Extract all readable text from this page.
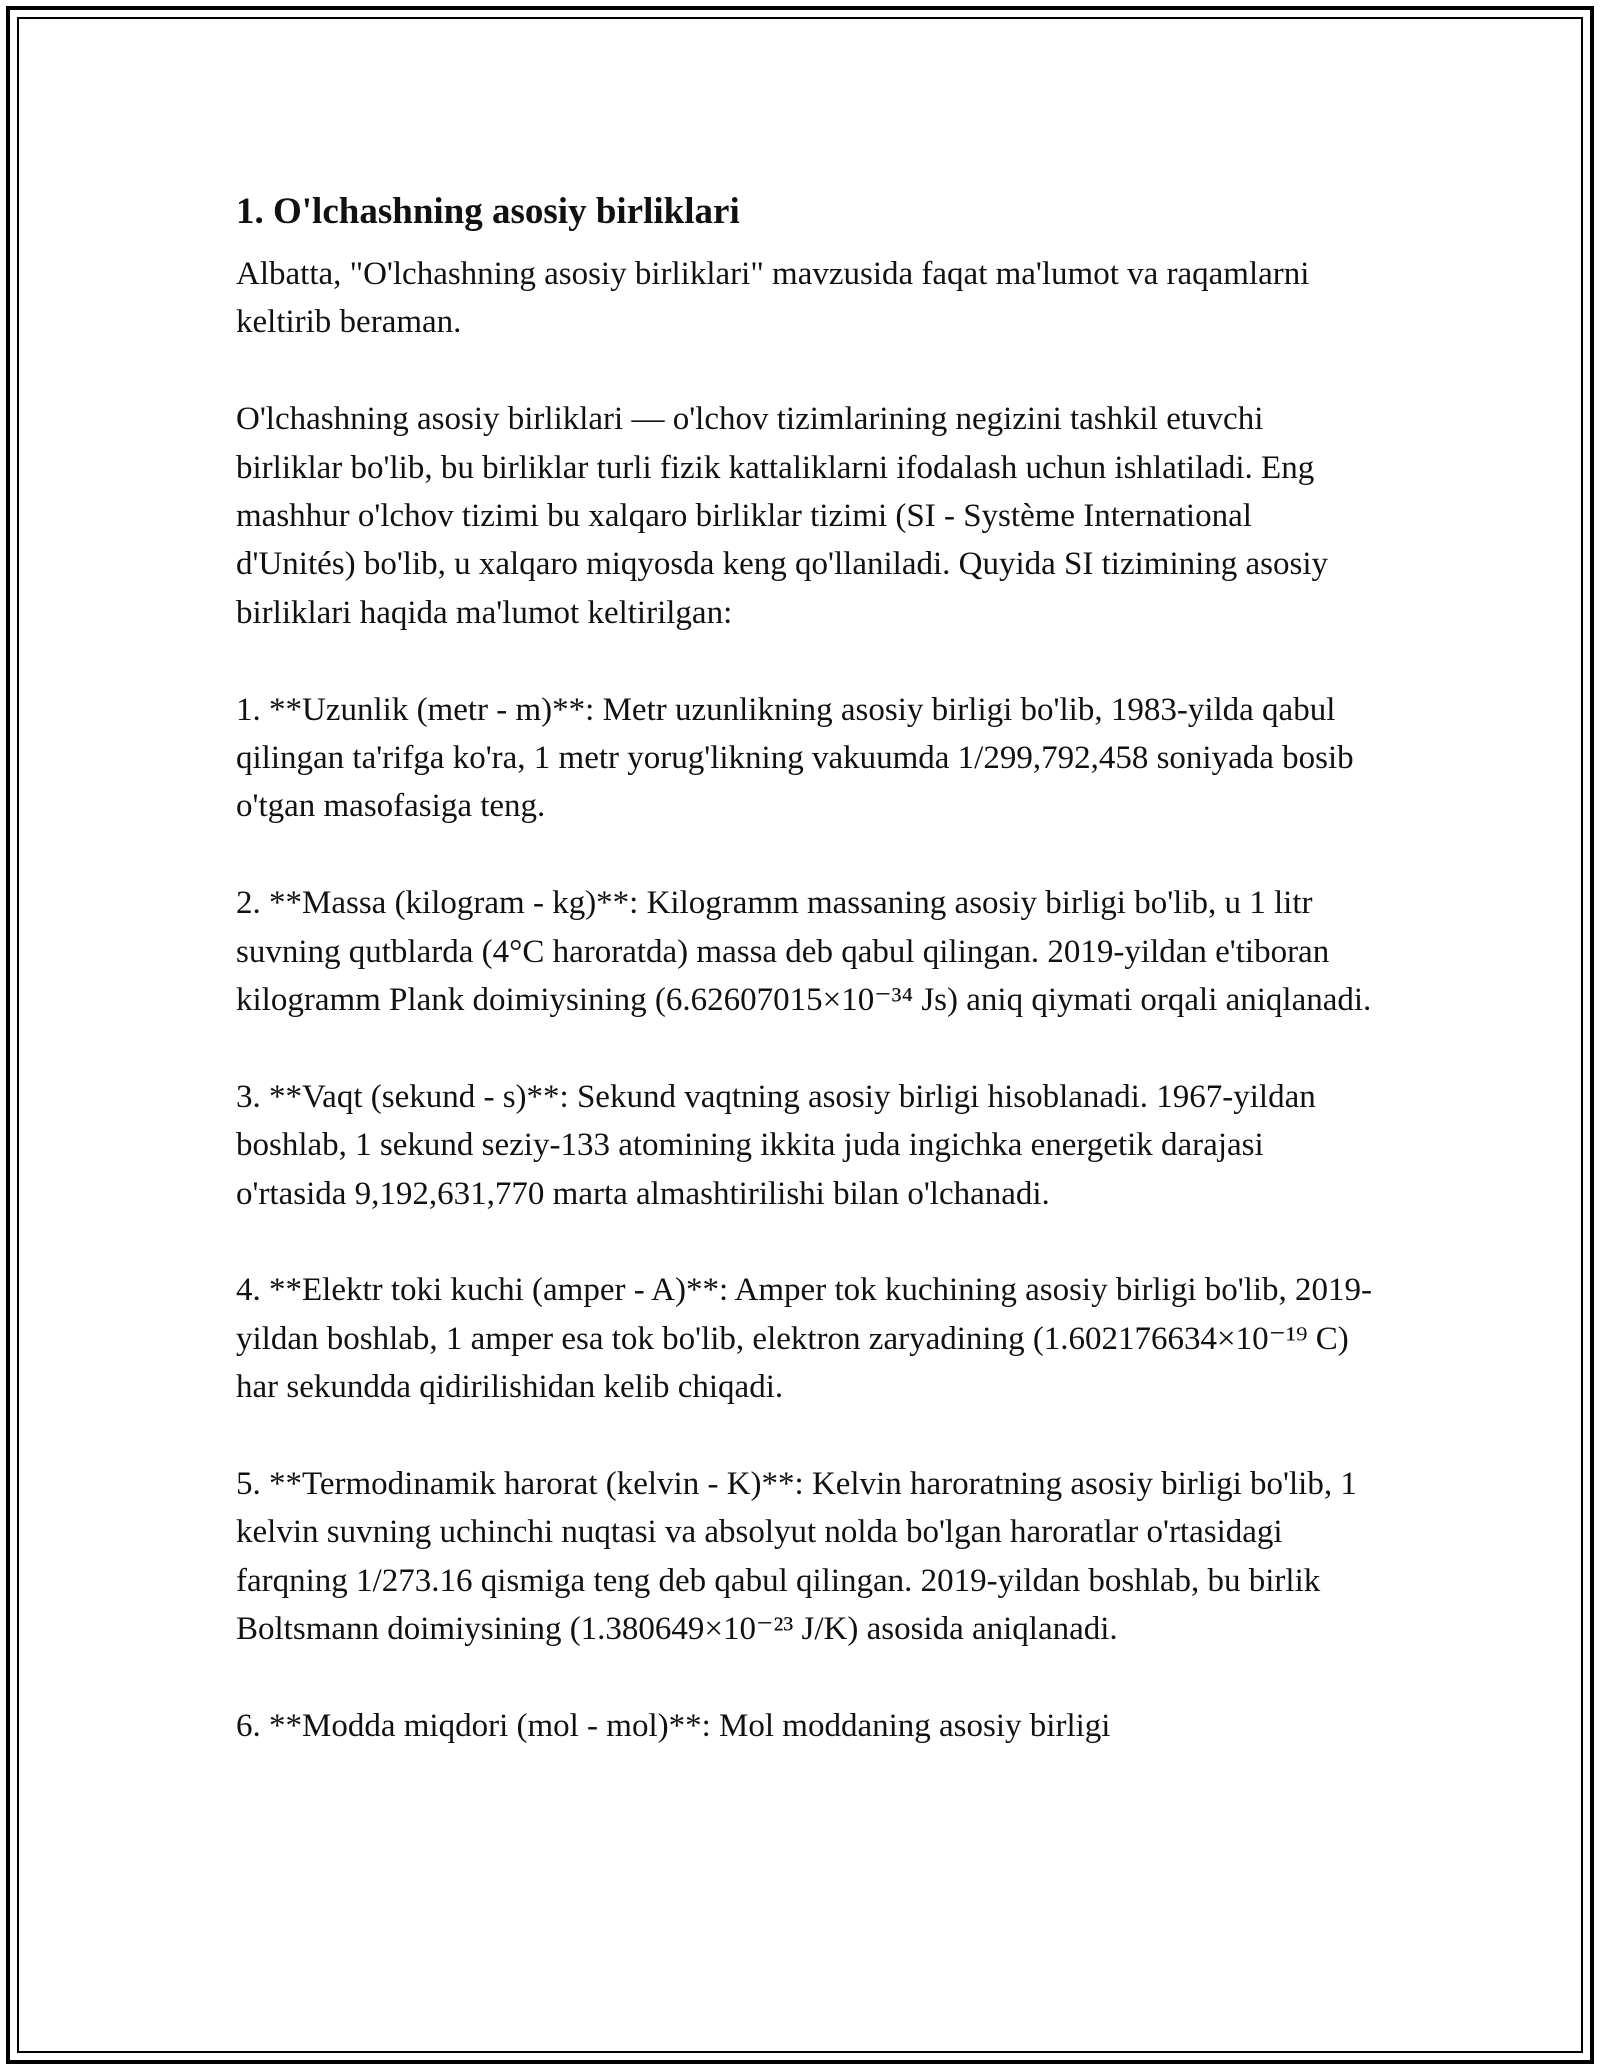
1. O'lchashning asosiy birliklari

Albatta, "O'lchashning asosiy birliklari" mavzusida faqat ma'lumot va raqamlarni keltirib beraman.

O'lchashning asosiy birliklari — o'lchov tizimlarining negizini tashkil etuvchi birliklar bo'lib, bu birliklar turli fizik kattaliklarni ifodalash uchun ishlatiladi. Eng mashhur o'lchov tizimi bu xalqaro birliklar tizimi (SI - Système International d'Unités) bo'lib, u xalqaro miqyosda keng qo'llaniladi. Quyida SI tizimining asosiy birliklari haqida ma'lumot keltirilgan:

1. **Uzunlik (metr - m)**: Metr uzunlikning asosiy birligi bo'lib, 1983-yilda qabul qilingan ta'rifga ko'ra, 1 metr yorug'likning vakuumda 1/299,792,458 soniyada bosib o'tgan masofasiga teng.

2. **Massa (kilogram - kg)**: Kilogramm massaning asosiy birligi bo'lib, u 1 litr suvning qutblarda (4°C haroratda) massa deb qabul qilingan. 2019-yildan e'tiboran kilogramm Plank doimiysining (6.62607015×10⁻³⁴ Js) aniq qiymati orqali aniqlanadi.

3. **Vaqt (sekund - s)**: Sekund vaqtning asosiy birligi hisoblanadi. 1967-yildan boshlab, 1 sekund seziy-133 atomining ikkita juda ingichka energetik darajasi o'rtasida 9,192,631,770 marta almashtirilishi bilan o'lchanadi.

4. **Elektr toki kuchi (amper - A)**: Amper tok kuchining asosiy birligi bo'lib, 2019-yildan boshlab, 1 amper esa tok bo'lib, elektron zaryadining (1.602176634×10⁻¹⁹ C) har sekundda qidirilishidan kelib chiqadi.

5. **Termodinamik harorat (kelvin - K)**: Kelvin haroratning asosiy birligi bo'lib, 1 kelvin suvning uchinchi nuqtasi va absolyut nolda bo'lgan haroratlar o'rtasidagi farqning 1/273.16 qismiga teng deb qabul qilingan. 2019-yildan boshlab, bu birlik Boltsmann doimiysining (1.380649×10⁻²³ J/K) asosida aniqlanadi.

6. **Modda miqdori (mol - mol)**: Mol moddaning asosiy birligi
